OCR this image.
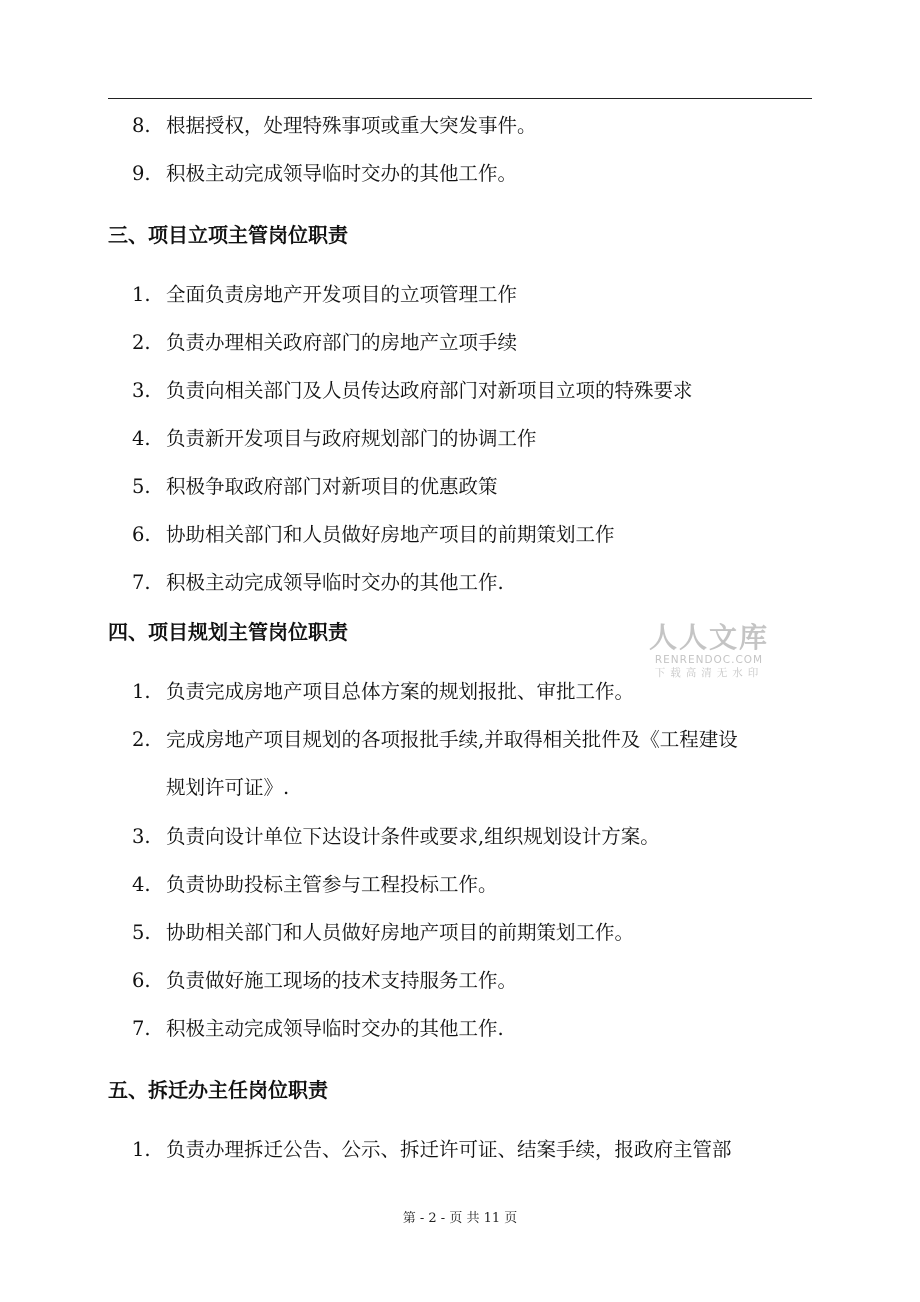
8. 根据授权，处理特殊事项或重大突发事件。
9. 积极主动完成领导临时交办的其他工作。
三、项目立项主管岗位职责
1. 全面负责房地产开发项目的立项管理工作
2. 负责办理相关政府部门的房地产立项手续
3. 负责向相关部门及人员传达政府部门对新项目立项的特殊要求
4. 负责新开发项目与政府规划部门的协调工作
5. 积极争取政府部门对新项目的优惠政策
6. 协助相关部门和人员做好房地产项目的前期策划工作
7. 积极主动完成领导临时交办的其他工作.
四、项目规划主管岗位职责
1. 负责完成房地产项目总体方案的规划报批、审批工作。
2. 完成房地产项目规划的各项报批手续,并取得相关批件及《工程建设
规划许可证》.
3. 负责向设计单位下达设计条件或要求,组织规划设计方案。
4. 负责协助投标主管参与工程投标工作。
5. 协助相关部门和人员做好房地产项目的前期策划工作。
6. 负责做好施工现场的技术支持服务工作。
7. 积极主动完成领导临时交办的其他工作.
五、拆迁办主任岗位职责
1. 负责办理拆迁公告、公示、拆迁许可证、结案手续，报政府主管部
人人文库
RENRENDOC.COM
下载高清无水印
第 - 2 - 页 共 11 页
